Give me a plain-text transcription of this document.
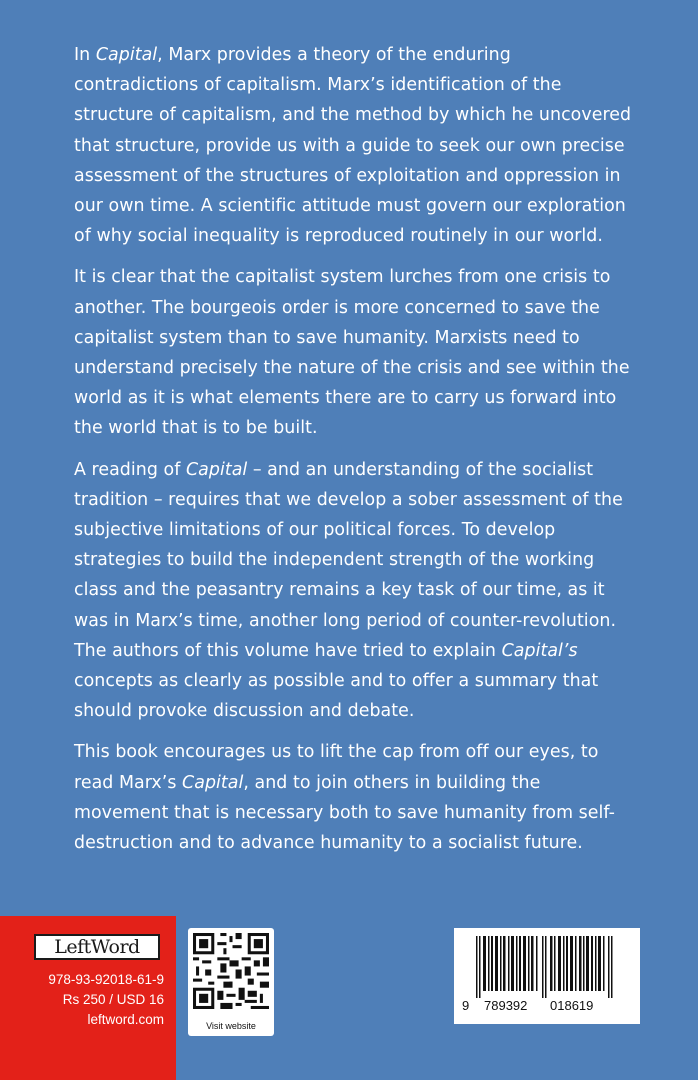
In Capital, Marx provides a theory of the enduring contradictions of capitalism. Marx’s identification of the structure of capitalism, and the method by which he uncovered that structure, provide us with a guide to seek our own precise assessment of the structures of exploitation and oppression in our own time. A scientific attitude must govern our exploration of why social inequality is reproduced routinely in our world.

It is clear that the capitalist system lurches from one crisis to another. The bourgeois order is more concerned to save the capitalist system than to save humanity. Marxists need to understand precisely the nature of the crisis and see within the world as it is what elements there are to carry us forward into the world that is to be built.

A reading of Capital – and an understanding of the socialist tradition – requires that we develop a sober assessment of the subjective limitations of our political forces. To develop strategies to build the independent strength of the working class and the peasantry remains a key task of our time, as it was in Marx’s time, another long period of counter-revolution. The authors of this volume have tried to explain Capital’s concepts as clearly as possible and to offer a summary that should provoke discussion and debate.

This book encourages us to lift the cap from off our eyes, to read Marx’s Capital, and to join others in building the movement that is necessary both to save humanity from self-destruction and to advance humanity to a socialist future.

LeftWord
978-93-92018-61-9
Rs 250 / USD 16
leftword.com	Visit website
9 789392 018619
